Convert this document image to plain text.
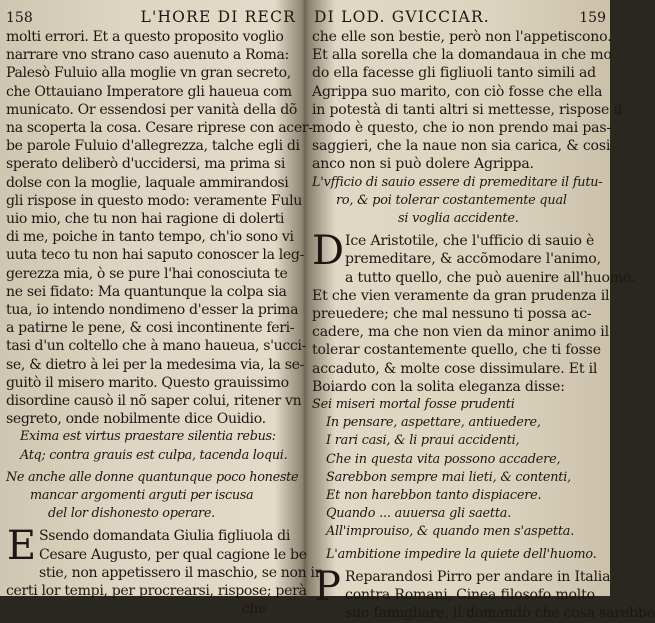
158	L'HORE DI RECR
molti errori. Et a questo proposito voglio
narrare vno strano caso auenuto a Roma:
Palesò Fuluio alla moglie vn gran secreto,
che Ottauiano Imperatore gli haueua com
municato. Or essendosi per vanità della dõ
na scoperta la cosa. Cesare riprese con acer-
be parole Fuluio d'allegrezza, talche egli di
sperato deliberò d'uccidersi, ma prima si
dolse con la moglie, laquale ammirandosi
gli rispose in questo modo: veramente Fulu
uio mio, che tu non hai ragione di dolerti
di me, poiche in tanto tempo, ch'io sono vi
uuta teco tu non hai saputo conoscer la leg-
gerezza mia, ò se pure l'hai conosciuta te
ne sei fidato: Ma quantunque la colpa sia
tua, io intendo nondimeno d'esser la prima
a patirne le pene, & cosi incontinente feri-
tasi d'un coltello che à mano haueua, s'ucci-
se, & dietro à lei per la medesima via, la se-
guitò il misero marito. Questo grauissimo
disordine causò il nõ saper colui, ritener vn
segreto, onde nobilmente dice Ouidio.
Exima est virtus praestare silentia rebus:
Atq; contra grauis est culpa, tacenda loqui.
Ne anche alle donne quantunque poco honeste
mancar argomenti arguti per iscusa
del lor dishonesto operare.
E Ssendo domandata Giulia figliuola di
Cesare Augusto, per qual cagione le be
stie, non appetissero il maschio, se non in
certi lor tempi, per procrearsi, rispose; perà
che
DI LOD. GVICCIAR.	159
che elle son bestie, però non l'appetiscono.
Et alla sorella che la domandaua in che mo
do ella facesse gli figliuoli tanto simili ad
Agrippa suo marito, con ciò fosse che ella
in potestà di tanti altri si mettesse, rispose il
modo è questo, che io non prendo mai pas-
saggieri, che la naue non sia carica, & cosi
anco non si può dolere Agrippa.
L'vfficio di sauio essere di premeditare il futu-
ro, & poi tolerar costantemente qual
si voglia accidente.
D Ice Aristotile, che l'ufficio di sauio è
premeditare, & accõmodare l'animo,
a tutto quello, che può auenire all'huomo.
Et che vien veramente da gran prudenza il
preuedere; che mal nessuno ti possa ac-
cadere, ma che non vien da minor animo il
tolerar costantemente quello, che ti fosse
accaduto, & molte cose dissimulare. Et il
Boiardo con la solita eleganza disse:
Sei miseri mortal fosse prudenti
In pensare, aspettare, antiuedere,
I rari casi, & li praui accidenti,
Che in questa vita possono accadere,
Sarebbon sempre mai lieti, & contenti,
Et non harebbon tanto dispiacere.
Quando ... auuersa gli saetta.
All'improuiso, & quando men s'aspetta.
L'ambitione impedire la quiete dell'huomo.
P Reparandosi Pirro per andare in Italia
contra Romani, Cinea filosofo molto
suo famigliare, li domandò che cosa sarebbe
